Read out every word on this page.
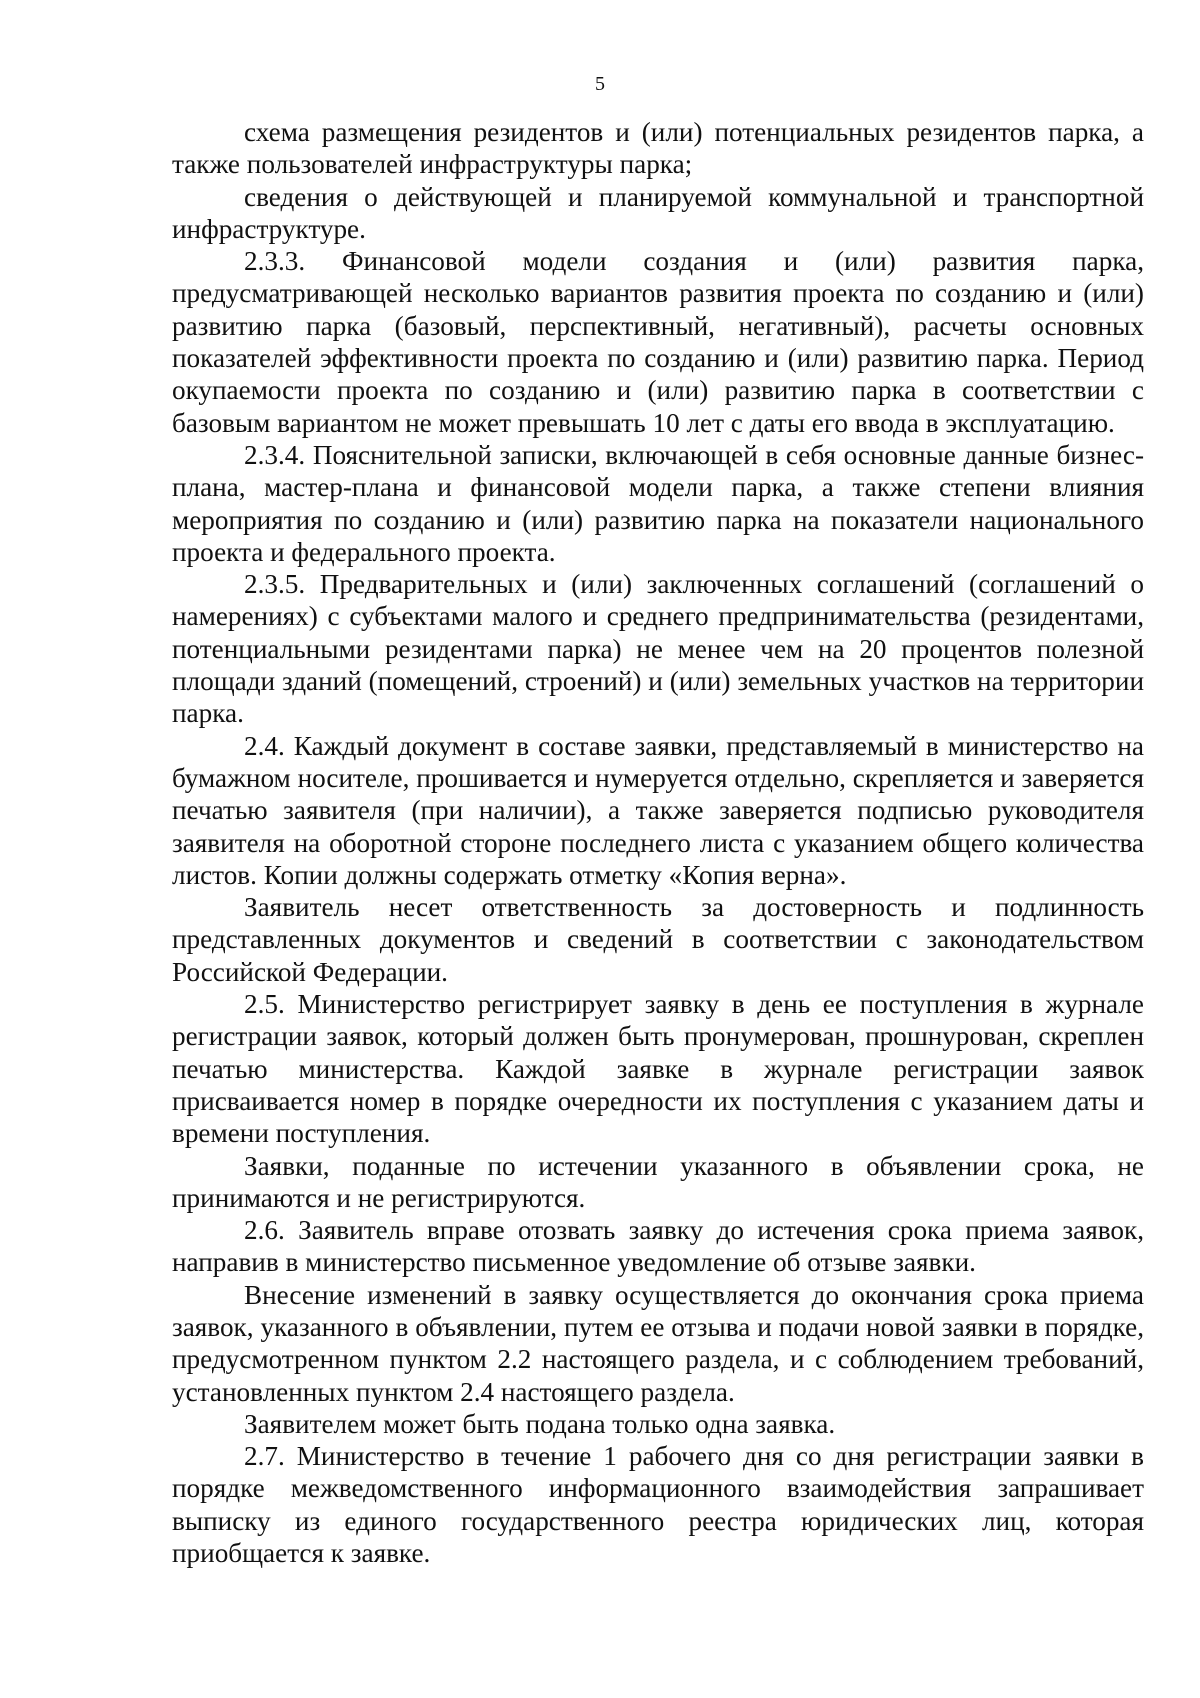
5

схема размещения резидентов и (или) потенциальных резидентов парка, а также пользователей инфраструктуры парка;

сведения о действующей и планируемой коммунальной и транспортной инфраструктуре.

2.3.3. Финансовой модели создания и (или) развития парка, предусматривающей несколько вариантов развития проекта по созданию и (или) развитию парка (базовый, перспективный, негативный), расчеты основных показателей эффективности проекта по созданию и (или) развитию парка. Период окупаемости проекта по созданию и (или) развитию парка в соответствии с базовым вариантом не может превышать 10 лет с даты его ввода в эксплуатацию.

2.3.4. Пояснительной записки, включающей в себя основные данные бизнес-плана, мастер-плана и финансовой модели парка, а также степени влияния мероприятия по созданию и (или) развитию парка на показатели национального проекта и федерального проекта.

2.3.5. Предварительных и (или) заключенных соглашений (соглашений о намерениях) с субъектами малого и среднего предпринимательства (резидентами, потенциальными резидентами парка) не менее чем на 20 процентов полезной площади зданий (помещений, строений) и (или) земельных участков на территории парка.

2.4. Каждый документ в составе заявки, представляемый в министерство на бумажном носителе, прошивается и нумеруется отдельно, скрепляется и заверяется печатью заявителя (при наличии), а также заверяется подписью руководителя заявителя на оборотной стороне последнего листа с указанием общего количества листов. Копии должны содержать отметку «Копия верна».

Заявитель несет ответственность за достоверность и подлинность представленных документов и сведений в соответствии с законодательством Российской Федерации.

2.5. Министерство регистрирует заявку в день ее поступления в журнале регистрации заявок, который должен быть пронумерован, прошнурован, скреплен печатью министерства. Каждой заявке в журнале регистрации заявок присваивается номер в порядке очередности их поступления с указанием даты и времени поступления.

Заявки, поданные по истечении указанного в объявлении срока, не принимаются и не регистрируются.

2.6. Заявитель вправе отозвать заявку до истечения срока приема заявок, направив в министерство письменное уведомление об отзыве заявки.

Внесение изменений в заявку осуществляется до окончания срока приема заявок, указанного в объявлении, путем ее отзыва и подачи новой заявки в порядке, предусмотренном пунктом 2.2 настоящего раздела, и с соблюдением требований, установленных пунктом 2.4 настоящего раздела.

Заявителем может быть подана только одна заявка.

2.7. Министерство в течение 1 рабочего дня со дня регистрации заявки в порядке межведомственного информационного взаимодействия запрашивает выписку из единого государственного реестра юридических лиц, которая приобщается к заявке.
